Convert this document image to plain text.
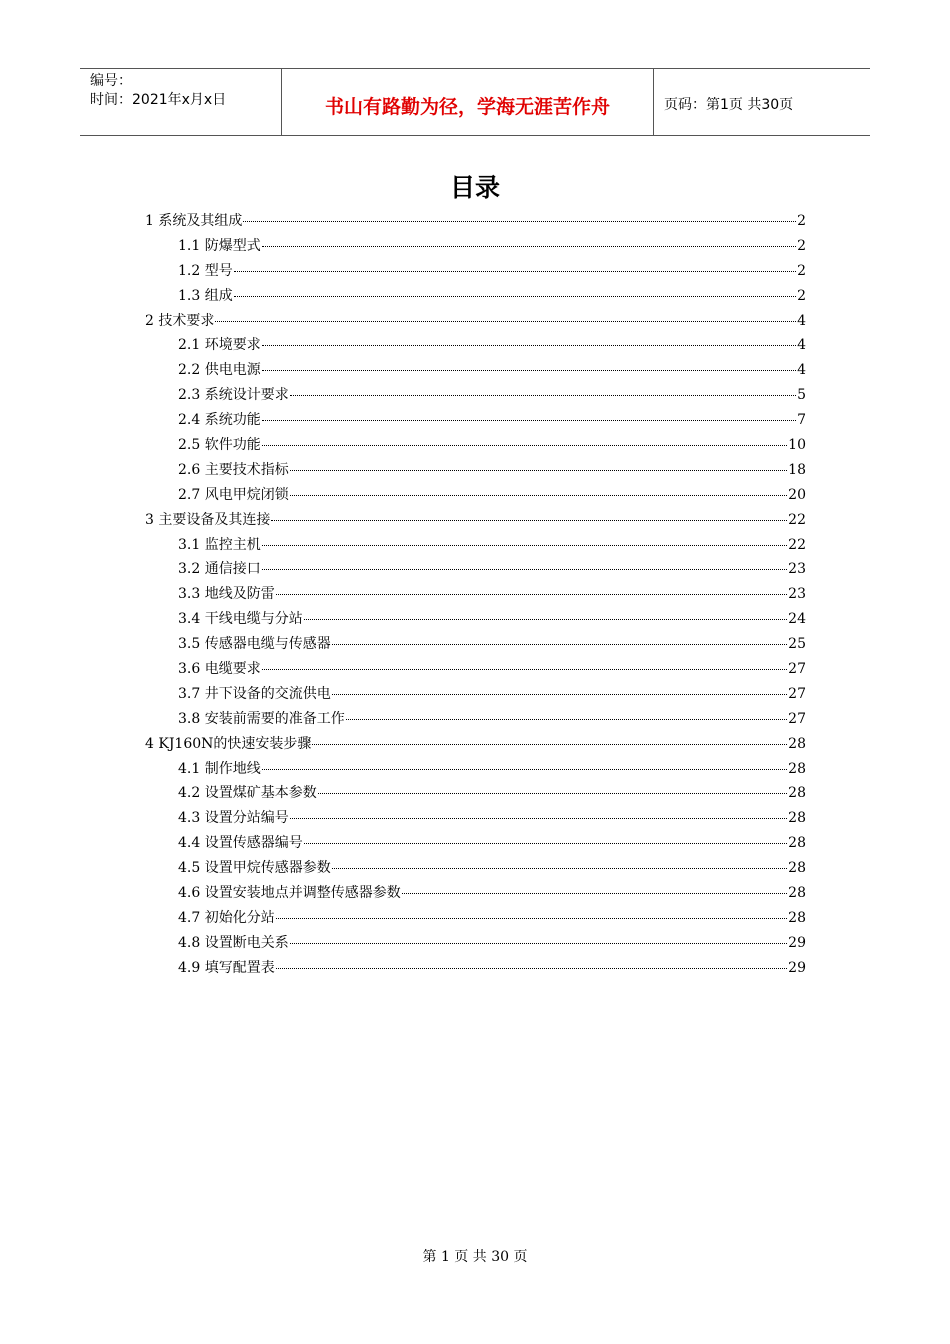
编号：
时间：2021年x月x日	书山有路勤为径，学海无涯苦作舟	页码：第1页 共30页
目录
1 系统及其组成	2
1.1 防爆型式	2
1.2 型号	2
1.3 组成	2
2 技术要求	4
2.1 环境要求	4
2.2 供电电源	4
2.3 系统设计要求	5
2.4 系统功能	7
2.5 软件功能	10
2.6 主要技术指标	18
2.7 风电甲烷闭锁	20
3 主要设备及其连接	22
3.1 监控主机	22
3.2 通信接口	23
3.3 地线及防雷	23
3.4 干线电缆与分站	24
3.5 传感器电缆与传感器	25
3.6 电缆要求	27
3.7 井下设备的交流供电	27
3.8 安装前需要的准备工作	27
4 KJ160N的快速安装步骤	28
4.1 制作地线	28
4.2 设置煤矿基本参数	28
4.3 设置分站编号	28
4.4 设置传感器编号	28
4.5 设置甲烷传感器参数	28
4.6 设置安装地点并调整传感器参数	28
4.7 初始化分站	28
4.8 设置断电关系	29
4.9 填写配置表	29
第 1 页 共 30 页
